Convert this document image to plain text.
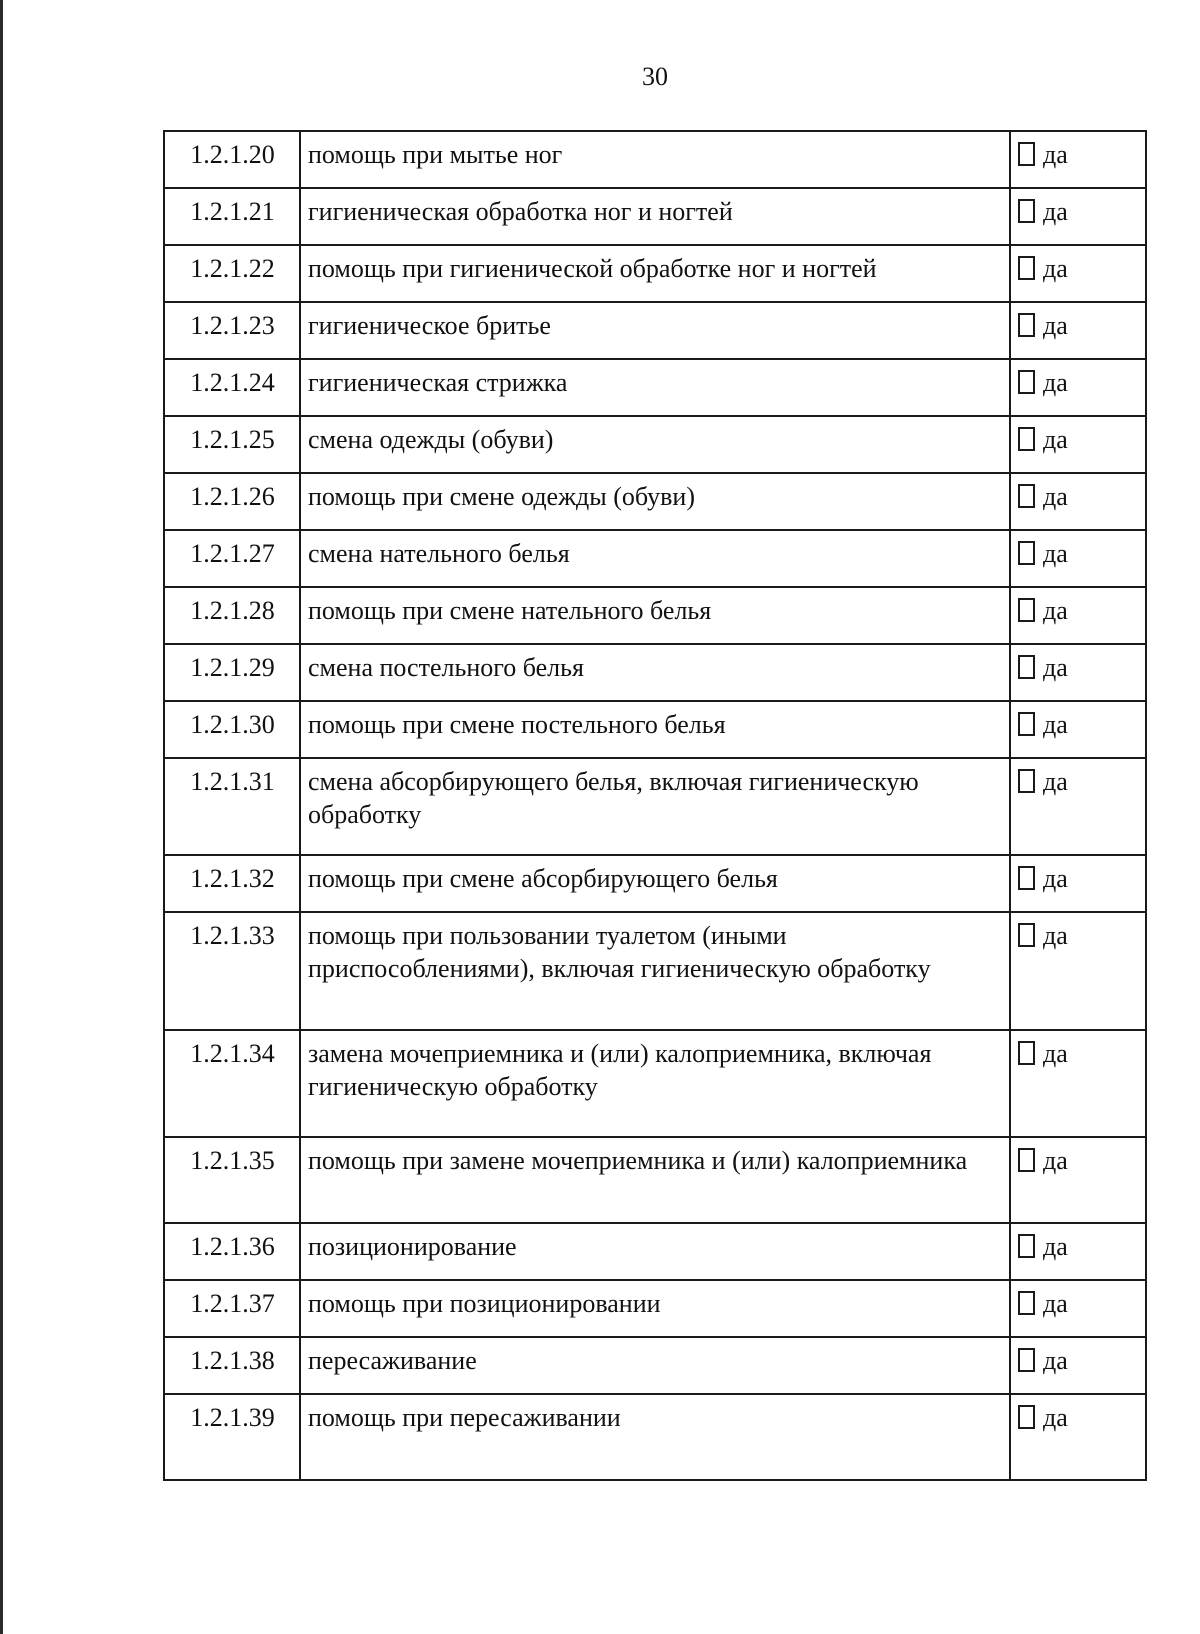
30
1.2.1.20	помощь при мытье ног	да
1.2.1.21	гигиеническая обработка ног и ногтей	да
1.2.1.22	помощь при гигиенической обработке ног и ногтей	да
1.2.1.23	гигиеническое бритье	да
1.2.1.24	гигиеническая стрижка	да
1.2.1.25	смена одежды (обуви)	да
1.2.1.26	помощь при смене одежды (обуви)	да
1.2.1.27	смена нательного белья	да
1.2.1.28	помощь при смене нательного белья	да
1.2.1.29	смена постельного белья	да
1.2.1.30	помощь при смене постельного белья	да
1.2.1.31	смена абсорбирующего белья, включая гигиеническую обработку	да
1.2.1.32	помощь при смене абсорбирующего белья	да
1.2.1.33	помощь при пользовании туалетом (иными приспособлениями), включая гигиеническую обработку	да
1.2.1.34	замена мочеприемника и (или) калоприемника, включая гигиеническую обработку	да
1.2.1.35	помощь при замене мочеприемника и (или) калоприемника	да
1.2.1.36	позиционирование	да
1.2.1.37	помощь при позиционировании	да
1.2.1.38	пересаживание	да
1.2.1.39	помощь при пересаживании	да
